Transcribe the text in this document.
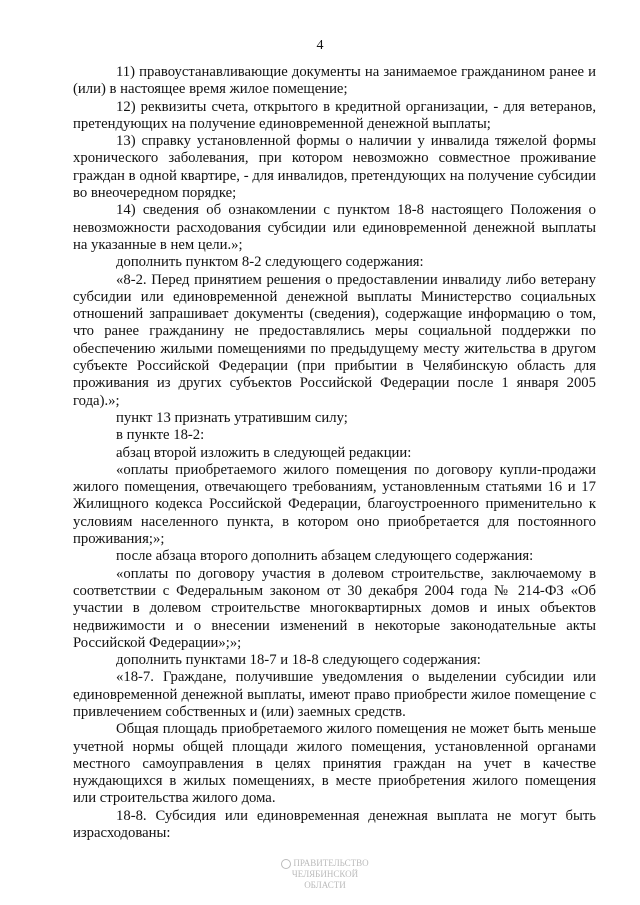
4

11) правоустанавливающие документы на занимаемое гражданином ранее и (или) в настоящее время жилое помещение;

12) реквизиты счета, открытого в кредитной организации, - для ветеранов, претендующих на получение единовременной денежной выплаты;

13) справку установленной формы о наличии у инвалида тяжелой формы хронического заболевания, при котором невозможно совместное проживание граждан в одной квартире, - для инвалидов, претендующих на получение субсидии во внеочередном порядке;

14) сведения об ознакомлении с пунктом 18-8 настоящего Положения о невозможности расходования субсидии или единовременной денежной выплаты на указанные в нем цели.»;

дополнить пунктом 8-2 следующего содержания:

«8-2. Перед принятием решения о предоставлении инвалиду либо ветерану субсидии или единовременной денежной выплаты Министерство социальных отношений запрашивает документы (сведения), содержащие информацию о том, что ранее гражданину не предоставлялись меры социальной поддержки по обеспечению жилыми помещениями по предыдущему месту жительства в другом субъекте Российской Федерации (при прибытии в Челябинскую область для проживания из других субъектов Российской Федерации после 1 января 2005 года).»;

пункт 13 признать утратившим силу;

в пункте 18-2:

абзац второй изложить в следующей редакции:

«оплаты приобретаемого жилого помещения по договору купли-продажи жилого помещения, отвечающего требованиям, установленным статьями 16 и 17 Жилищного кодекса Российской Федерации, благоустроенного применительно к условиям населенного пункта, в котором оно приобретается для постоянного проживания;»;

после абзаца второго дополнить абзацем следующего содержания:

«оплаты по договору участия в долевом строительстве, заключаемому в соответствии с Федеральным законом от 30 декабря 2004 года № 214-ФЗ «Об участии в долевом строительстве многоквартирных домов и иных объектов недвижимости и о внесении изменений в некоторые законодательные акты Российской Федерации»;»;

дополнить пунктами 18-7 и 18-8 следующего содержания:

«18-7. Граждане, получившие уведомления о выделении субсидии или единовременной денежной выплаты, имеют право приобрести жилое помещение с привлечением собственных и (или) заемных средств.

Общая площадь приобретаемого жилого помещения не может быть меньше учетной нормы общей площади жилого помещения, установленной органами местного самоуправления в целях принятия граждан на учет в качестве нуждающихся в жилых помещениях, в месте приобретения жилого помещения или строительства жилого дома.

18-8. Субсидия или единовременная денежная выплата не могут быть израсходованы:

ПРАВИТЕЛЬСТВО
ЧЕЛЯБИНСКОЙ ОБЛАСТИ
